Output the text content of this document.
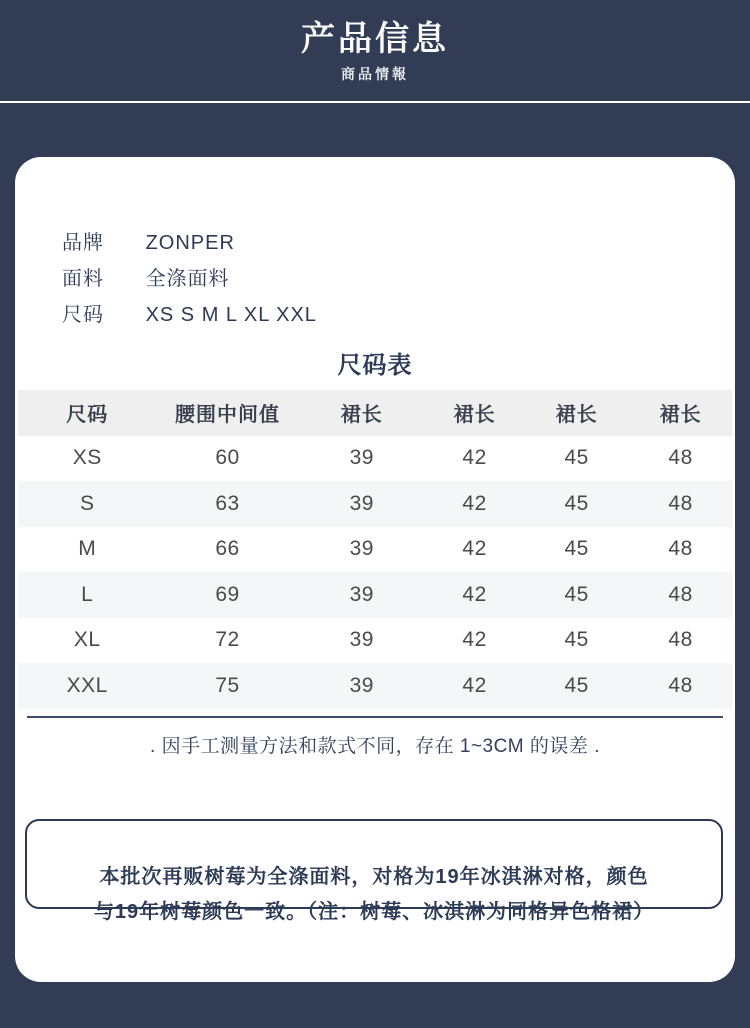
产品信息
商品情報
品牌 ZONPER
面料 全涤面料
尺码 XS S M L XL XXL
尺码表
尺码	腰围中间值	裙长	裙长	裙长	裙长
XS	60	39	42	45	48
S	63	39	42	45	48
M	66	39	42	45	48
L	69	39	42	45	48
XL	72	39	42	45	48
XXL	75	39	42	45	48
. 因手工测量方法和款式不同，存在 1~3CM 的误差 .
本批次再贩树莓为全涤面料，对格为19年冰淇淋对格，颜色
与19年树莓颜色一致。（注：树莓、冰淇淋为同格异色格裙）
